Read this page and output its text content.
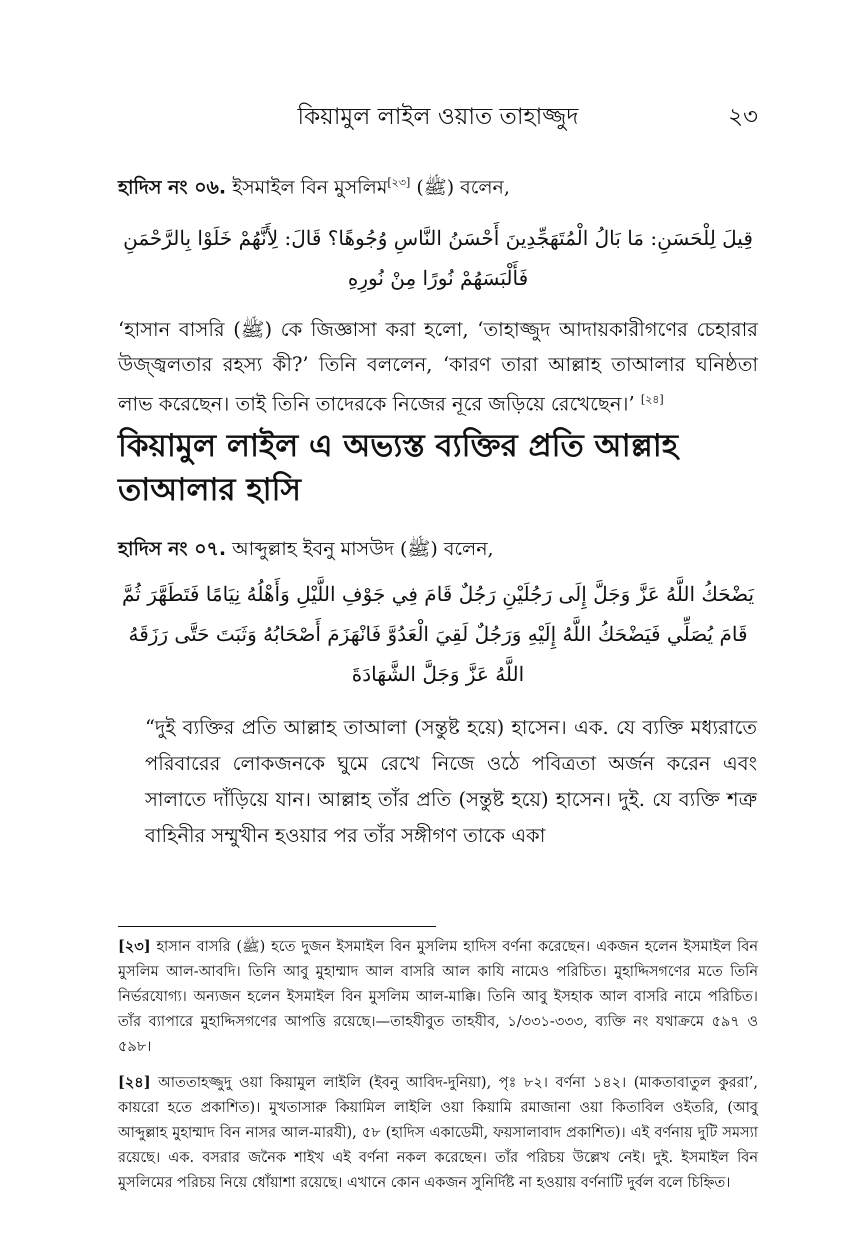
কিয়ামুল লাইল ওয়াত তাহাজ্জুদ	২৩
হাদিস নং ০৬. ইসমাইল বিন মুসলিম[২৩] (ﷺ) বলেন,
قِيلَ لِلْحَسَنِ: مَا بَالُ الْمُتَهَجِّدِينَ أَحْسَنُ النَّاسِ وُجُوهًا؟ قَالَ: لِأَنَّهُمْ خَلَوْا بِالرَّحْمَنِ
فَأَلْبَسَهُمْ نُورًا مِنْ نُورِهِ
‘হাসান বাসরি (ﷺ) কে জিজ্ঞাসা করা হলো, ‘তাহাজ্জুদ আদায়কারীগণের চেহারার উজ্জ্বলতার রহস্য কী?’ তিনি বললেন, ‘কারণ তারা আল্লাহ তাআলার ঘনিষ্ঠতা লাভ করেছেন। তাই তিনি তাদেরকে নিজের নূরে জড়িয়ে রেখেছেন।’ [২৪]
কিয়ামুল লাইল এ অভ্যস্ত ব্যক্তির প্রতি আল্লাহ তাআলার হাসি
হাদিস নং ০৭. আব্দুল্লাহ ইবনু মাসউদ (ﷺ) বলেন,
يَضْحَكُ اللَّهُ عَزَّ وَجَلَّ إِلَى رَجُلَيْنِ رَجُلٌ قَامَ فِي جَوْفِ اللَّيْلِ وَأَهْلُهُ نِيَامًا فَتَطَهَّرَ ثُمَّ
قَامَ يُصَلِّي فَيَضْحَكُ اللَّهُ إِلَيْهِ وَرَجُلٌ لَقِيَ الْعَدُوَّ فَانْهَزَمَ أَصْحَابُهُ وَثَبَتَ حَتَّى رَزَقَهُ
اللَّهُ عَزَّ وَجَلَّ الشَّهَادَةَ
“দুই ব্যক্তির প্রতি আল্লাহ তাআলা (সন্তুষ্ট হয়ে) হাসেন। এক. যে ব্যক্তি মধ্যরাতে পরিবারের লোকজনকে ঘুমে রেখে নিজে ওঠে পবিত্রতা অর্জন করেন এবং সালাতে দাঁড়িয়ে যান। আল্লাহ তাঁর প্রতি (সন্তুষ্ট হয়ে) হাসেন। দুই. যে ব্যক্তি শত্রু বাহিনীর সম্মুখীন হওয়ার পর তাঁর সঙ্গীগণ তাকে একা
[২৩] হাসান বাসরি (ﷺ) হতে দুজন ইসমাইল বিন মুসলিম হাদিস বর্ণনা করেছেন। একজন হলেন ইসমাইল বিন মুসলিম আল-আবদি। তিনি আবু মুহাম্মাদ আল বাসরি আল কাযি নামেও পরিচিত। মুহাদ্দিসগণের মতে তিনি নির্ভরযোগ্য। অন্যজন হলেন ইসমাইল বিন মুসলিম আল-মাক্কি। তিনি আবু ইসহাক আল বাসরি নামে পরিচিত। তাঁর ব্যাপারে মুহাদ্দিসগণের আপত্তি রয়েছে।—তাহযীবুত তাহযীব, ১/৩৩১-৩৩৩, ব্যক্তি নং যথাক্রমে ৫৯৭ ও ৫৯৮।
[২৪] আততাহজ্জুদু ওয়া কিয়ামুল লাইলি (ইবনু আবিদ-দুনিয়া), পৃঃ ৮২। বর্ণনা ১৪২। (মাকতাবাতুল কুররা’, কায়রো হতে প্রকাশিত)। মুখতাসারু কিয়ামিল লাইলি ওয়া কিয়ামি রমাজানা ওয়া কিতাবিল ওইতরি, (আবু আব্দুল্লাহ মুহাম্মাদ বিন নাসর আল-মারযী), ৫৮ (হাদিস একাডেমী, ফয়সালাবাদ প্রকাশিত)। এই বর্ণনায় দুটি সমস্যা রয়েছে। এক. বসরার জনৈক শাইখ এই বর্ণনা নকল করেছেন। তাঁর পরিচয় উল্লেখ নেই। দুই. ইসমাইল বিন মুসলিমের পরিচয় নিয়ে ধোঁয়াশা রয়েছে। এখানে কোন একজন সুনির্দিষ্ট না হওয়ায় বর্ণনাটি দুর্বল বলে চিহ্নিত।
